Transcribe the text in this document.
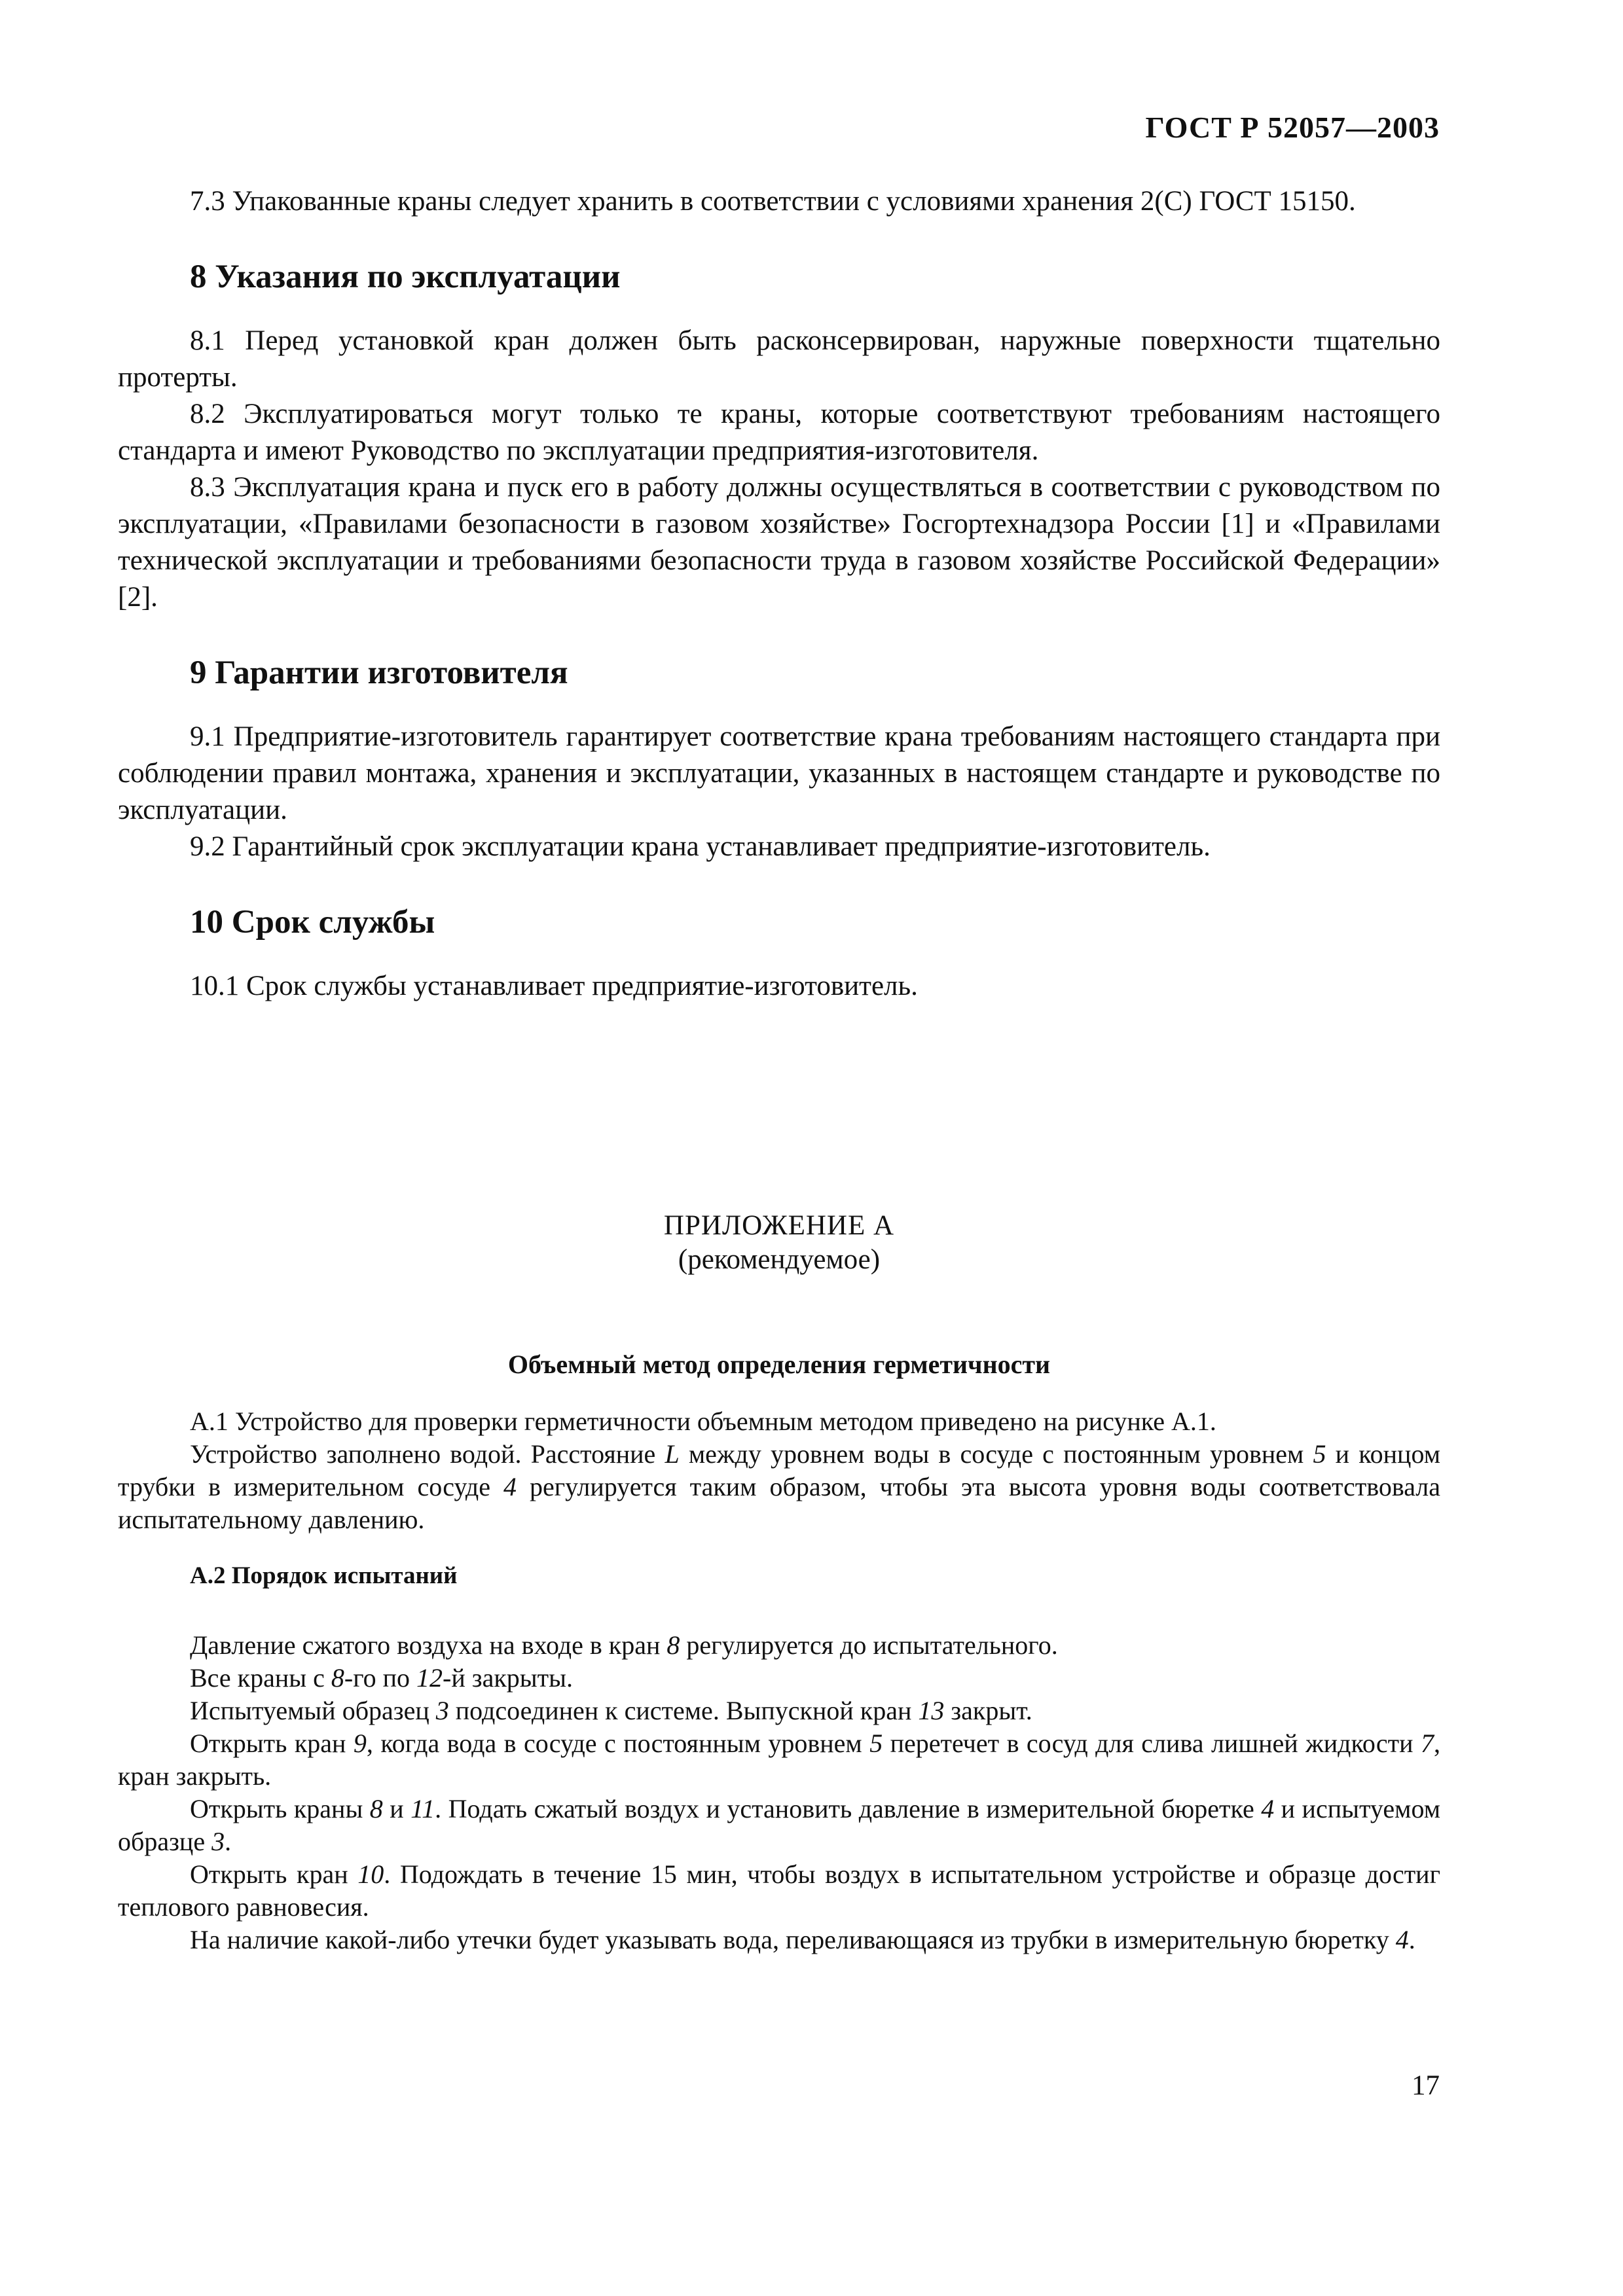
ГОСТ Р 52057—2003

7.3 Упакованные краны следует хранить в соответствии с условиями хранения 2(С) ГОСТ 15150.

8 Указания по эксплуатации

8.1 Перед установкой кран должен быть расконсервирован, наружные поверхности тщательно протерты.

8.2 Эксплуатироваться могут только те краны, которые соответствуют требованиям настоящего стандарта и имеют Руководство по эксплуатации предприятия-изготовителя.

8.3 Эксплуатация крана и пуск его в работу должны осуществляться в соответствии с руководством по эксплуатации, «Правилами безопасности в газовом хозяйстве» Госгортехнадзора России [1] и «Правилами технической эксплуатации и требованиями безопасности труда в газовом хозяйстве Российской Федерации» [2].

9 Гарантии изготовителя

9.1 Предприятие-изготовитель гарантирует соответствие крана требованиям настоящего стандарта при соблюдении правил монтажа, хранения и эксплуатации, указанных в настоящем стандарте и руководстве по эксплуатации.

9.2 Гарантийный срок эксплуатации крана устанавливает предприятие-изготовитель.

10 Срок службы

10.1 Срок службы устанавливает предприятие-изготовитель.

ПРИЛОЖЕНИЕ А
(рекомендуемое)
Объемный метод определения герметичности

А.1 Устройство для проверки герметичности объемным методом приведено на рисунке А.1.

Устройство заполнено водой. Расстояние L между уровнем воды в сосуде с постоянным уровнем 5 и концом трубки в измерительном сосуде 4 регулируется таким образом, чтобы эта высота уровня воды соответствовала испытательному давлению.

А.2 Порядок испытаний

Давление сжатого воздуха на входе в кран 8 регулируется до испытательного.

Все краны с 8-го по 12-й закрыты.

Испытуемый образец 3 подсоединен к системе. Выпускной кран 13 закрыт.

Открыть кран 9, когда вода в сосуде с постоянным уровнем 5 перетечет в сосуд для слива лишней жидкости 7, кран закрыть.

Открыть краны 8 и 11. Подать сжатый воздух и установить давление в измерительной бюретке 4 и испытуемом образце 3.

Открыть кран 10. Подождать в течение 15 мин, чтобы воздух в испытательном устройстве и образце достиг теплового равновесия.

На наличие какой-либо утечки будет указывать вода, переливающаяся из трубки в измерительную бюретку 4.

17
